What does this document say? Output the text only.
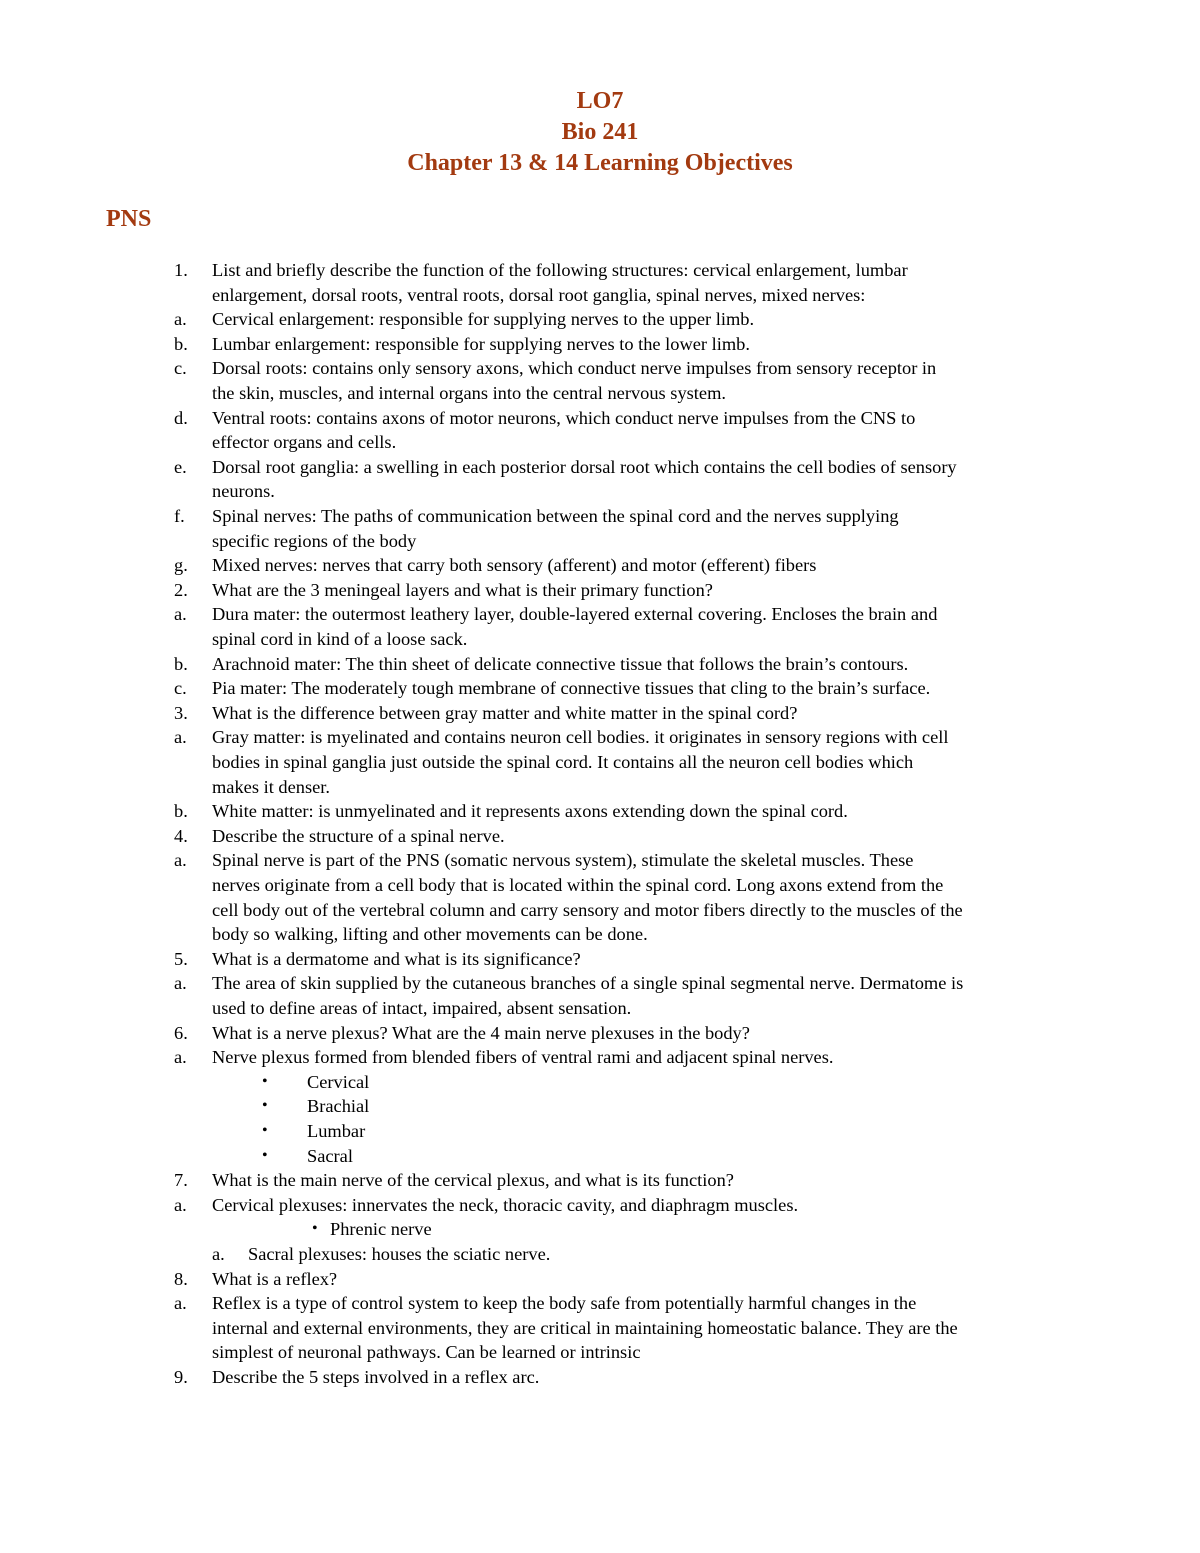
LO7
Bio 241
Chapter 13 & 14 Learning Objectives
PNS
1. List and briefly describe the function of the following structures: cervical enlargement, lumbar
enlargement, dorsal roots, ventral roots, dorsal root ganglia, spinal nerves, mixed nerves:
a. Cervical enlargement: responsible for supplying nerves to the upper limb.
b. Lumbar enlargement: responsible for supplying nerves to the lower limb.
c. Dorsal roots: contains only sensory axons, which conduct nerve impulses from sensory receptor in
the skin, muscles, and internal organs into the central nervous system.
d. Ventral roots: contains axons of motor neurons, which conduct nerve impulses from the CNS to
effector organs and cells.
e. Dorsal root ganglia: a swelling in each posterior dorsal root which contains the cell bodies of sensory
neurons.
f. Spinal nerves: The paths of communication between the spinal cord and the nerves supplying
specific regions of the body
g. Mixed nerves: nerves that carry both sensory (afferent) and motor (efferent) fibers
2. What are the 3 meningeal layers and what is their primary function?
a. Dura mater: the outermost leathery layer, double-layered external covering. Encloses the brain and
spinal cord in kind of a loose sack.
b. Arachnoid mater: The thin sheet of delicate connective tissue that follows the brain’s contours.
c. Pia mater: The moderately tough membrane of connective tissues that cling to the brain’s surface.
3. What is the difference between gray matter and white matter in the spinal cord?
a. Gray matter: is myelinated and contains neuron cell bodies. it originates in sensory regions with cell
bodies in spinal ganglia just outside the spinal cord. It contains all the neuron cell bodies which
makes it denser.
b. White matter: is unmyelinated and it represents axons extending down the spinal cord.
4. Describe the structure of a spinal nerve.
a. Spinal nerve is part of the PNS (somatic nervous system), stimulate the skeletal muscles. These
nerves originate from a cell body that is located within the spinal cord. Long axons extend from the
cell body out of the vertebral column and carry sensory and motor fibers directly to the muscles of the
body so walking, lifting and other movements can be done.
5. What is a dermatome and what is its significance?
a. The area of skin supplied by the cutaneous branches of a single spinal segmental nerve. Dermatome is
used to define areas of intact, impaired, absent sensation.
6. What is a nerve plexus? What are the 4 main nerve plexuses in the body?
a. Nerve plexus formed from blended fibers of ventral rami and adjacent spinal nerves.
• Cervical
• Brachial
• Lumbar
• Sacral
7. What is the main nerve of the cervical plexus, and what is its function?
a. Cervical plexuses: innervates the neck, thoracic cavity, and diaphragm muscles.
• Phrenic nerve
a. Sacral plexuses: houses the sciatic nerve.
8. What is a reflex?
a. Reflex is a type of control system to keep the body safe from potentially harmful changes in the
internal and external environments, they are critical in maintaining homeostatic balance. They are the
simplest of neuronal pathways. Can be learned or intrinsic
9. Describe the 5 steps involved in a reflex arc.
